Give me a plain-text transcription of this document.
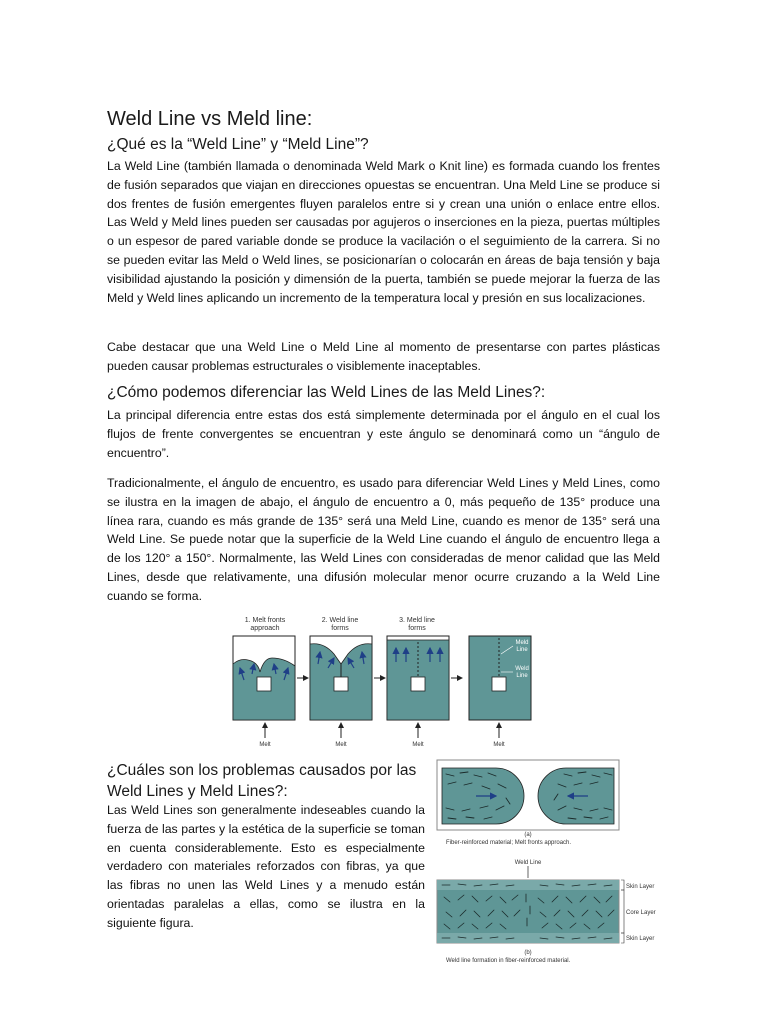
Weld Line vs Meld line:
¿Qué es la “Weld Line” y “Meld Line”?

La Weld Line (también llamada o denominada Weld Mark o Knit line) es formada cuando los frentes de fusión separados que viajan en direcciones opuestas se encuentran. Una Meld Line se produce si dos frentes de fusión emergentes fluyen paralelos entre si y crean una unión o enlace entre ellos. Las Weld y Meld lines pueden ser causadas por agujeros o inserciones en la pieza, puertas múltiples o un espesor de pared variable donde se produce la vacilación o el seguimiento de la carrera. Si no se pueden evitar las Meld o Weld lines, se posicionarían o colocarán en áreas de baja tensión y baja visibilidad ajustando la posición y dimensión de la puerta, también se puede mejorar la fuerza de las Meld y Weld lines aplicando un incremento de la temperatura local y presión en sus localizaciones.

Cabe destacar que una Weld Line o Meld Line al momento de presentarse con partes plásticas pueden causar problemas estructurales o visiblemente inaceptables.

¿Cómo podemos diferenciar las Weld Lines de las Meld Lines?:

La principal diferencia entre estas dos está simplemente determinada por el ángulo en el cual los flujos de frente convergentes se encuentran y este ángulo se denominará como un “ángulo de encuentro”.

Tradicionalmente, el ángulo de encuentro, es usado para diferenciar Weld Lines y Meld Lines, como se ilustra en la imagen de abajo, el ángulo de encuentro a 0, más pequeño de 135° produce una línea rara, cuando es más grande de 135° será una Meld Line, cuando es menor de 135° será una Weld Line. Se puede notar que la superficie de la Weld Line cuando el ángulo de encuentro llega a de los 120° a 150°. Normalmente, las Weld Lines con consideradas de menor calidad que las Meld Lines, desde que relativamente, una difusión molecular menor ocurre cruzando a la Weld Line cuando se forma.

1. Melt fronts
approach
2. Weld line
forms
3. Meld line
forms
Meld
Line
Weld
Line
Melt	Melt	Melt	Melt
¿Cuáles son los problemas causados por las Weld Lines y Meld Lines?:

Las Weld Lines son generalmente indeseables cuando la fuerza de las partes y la estética de la superficie se toman en cuenta considerablemente. Esto es especialmente verdadero con materiales reforzados con fibras, ya que las fibras no unen las Weld Lines y a menudo están orientadas paralelas a ellas, como se ilustra en la siguiente figura.

(a)
Fiber-reinforced material; Melt fronts approach.
Weld Line
Skin Layer
Core Layer
Skin Layer
(b)
Weld line formation in fiber-reinforced material.
